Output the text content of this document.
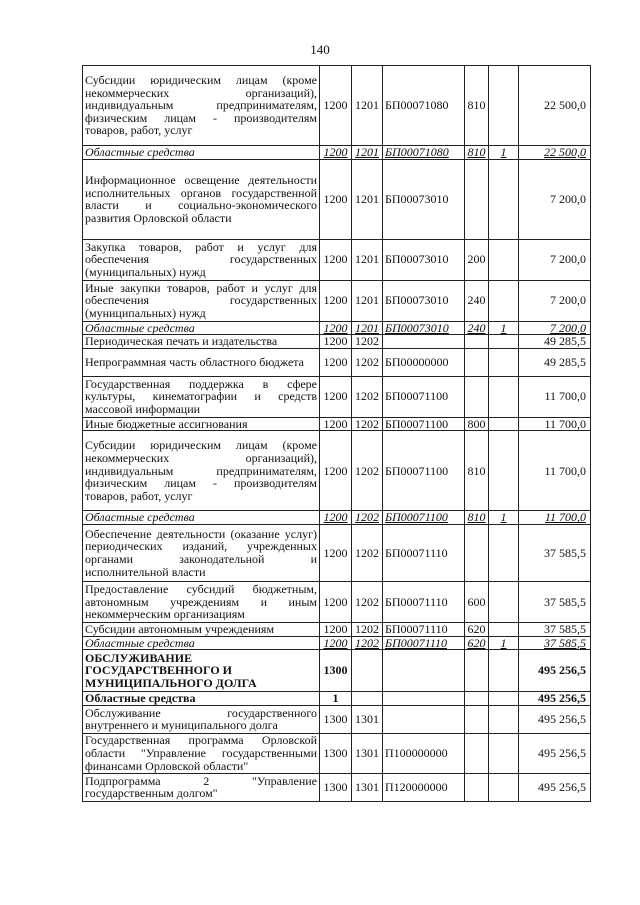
140
Субсидии юридическим лицам (кроме некоммерческих организаций), индивидуальным предпринимателям, физическим лицам - производителям товаров, работ, услуг	1200	1201	БП00071080	810		22 500,0
Областные средства	1200	1201	БП00071080	810	1	22 500,0
Информационное освещение деятельности исполнительных органов государственной власти и социально-экономического развития Орловской области	1200	1201	БП00073010			7 200,0
Закупка товаров, работ и услуг для обеспечения государственных (муниципальных) нужд	1200	1201	БП00073010	200		7 200,0
Иные закупки товаров, работ и услуг для обеспечения государственных (муниципальных) нужд	1200	1201	БП00073010	240		7 200,0
Областные средства	1200	1201	БП00073010	240	1	7 200,0
Периодическая печать и издательства	1200	1202				49 285,5
Непрограммная часть областного бюджета	1200	1202	БП00000000			49 285,5
Государственная поддержка в сфере культуры, кинематографии и средств массовой информации	1200	1202	БП00071100			11 700,0
Иные бюджетные ассигнования	1200	1202	БП00071100	800		11 700,0
Субсидии юридическим лицам (кроме некоммерческих организаций), индивидуальным предпринимателям, физическим лицам - производителям товаров, работ, услуг	1200	1202	БП00071100	810		11 700,0
Областные средства	1200	1202	БП00071100	810	1	11 700,0
Обеспечение деятельности (оказание услуг) периодических изданий, учрежденных органами законодательной и исполнительной власти	1200	1202	БП00071110			37 585,5
Предоставление субсидий бюджетным, автономным учреждениям и иным некоммерческим организациям	1200	1202	БП00071110	600		37 585,5
Субсидии автономным учреждениям	1200	1202	БП00071110	620		37 585,5
Областные средства	1200	1202	БП00071110	620	1	37 585,5
ОБСЛУЖИВАНИЕ ГОСУДАРСТВЕННОГО И МУНИЦИПАЛЬНОГО ДОЛГА	1300					495 256,5
Областные средства	1					495 256,5
Обслуживание государственного внутреннего и муниципального долга	1300	1301				495 256,5
Государственная программа Орловской области "Управление государственными финансами Орловской области"	1300	1301	П100000000			495 256,5
Подпрограмма 2 "Управление государственным долгом"	1300	1301	П120000000			495 256,5
